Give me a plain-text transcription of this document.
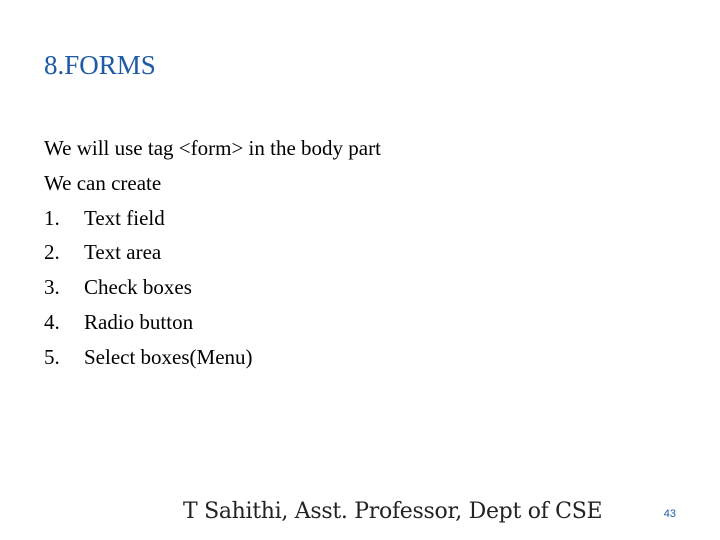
8.FORMS
We will use tag <form> in the body part
We can create
1.	Text field
2.	Text area
3.	Check boxes
4.	Radio button
5.	Select boxes(Menu)
T Sahithi, Asst. Professor, Dept of CSE	43
